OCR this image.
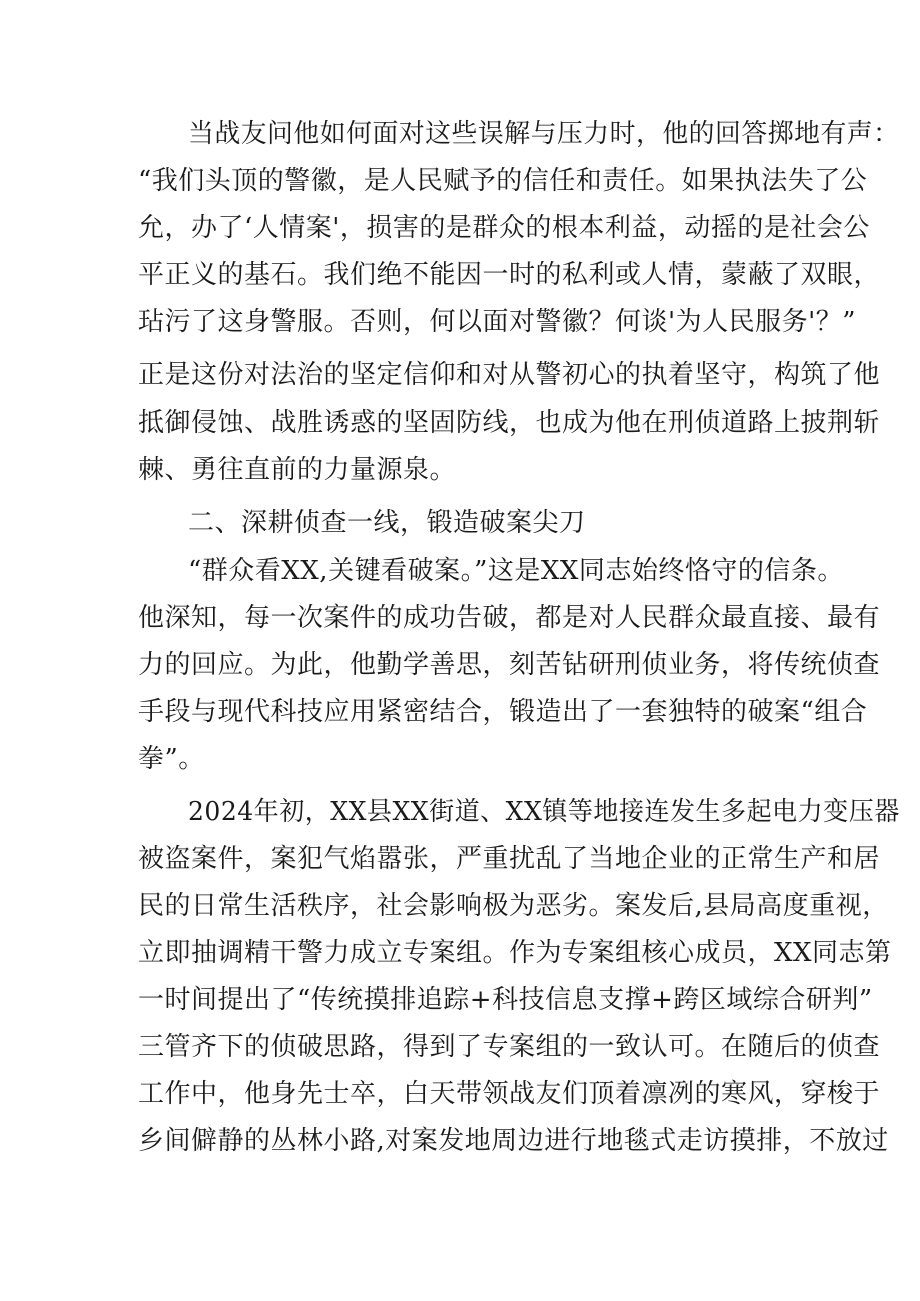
当战友问他如何面对这些误解与压力时，他的回答掷地有声：
“我们头顶的警徽，是人民赋予的信任和责任。如果执法失了公
允，办了‘人情案'，损害的是群众的根本利益，动摇的是社会公
平正义的基石。我们绝不能因一时的私利或人情，蒙蔽了双眼，
玷污了这身警服。否则，何以面对警徽？何谈'为人民服务'？”
正是这份对法治的坚定信仰和对从警初心的执着坚守，构筑了他
抵御侵蚀、战胜诱惑的坚固防线，也成为他在刑侦道路上披荆斩
棘、勇往直前的力量源泉。
二、深耕侦查一线，锻造破案尖刀
“群众看XX,关键看破案。”这是XX同志始终恪守的信条。
他深知，每一次案件的成功告破，都是对人民群众最直接、最有
力的回应。为此，他勤学善思，刻苦钻研刑侦业务，将传统侦查
手段与现代科技应用紧密结合，锻造出了一套独特的破案“组合
拳”。
2024年初，XX县XX街道、XX镇等地接连发生多起电力变压器
被盗案件，案犯气焰嚣张，严重扰乱了当地企业的正常生产和居
民的日常生活秩序，社会影响极为恶劣。案发后,县局高度重视，
立即抽调精干警力成立专案组。作为专案组核心成员，XX同志第
一时间提出了“传统摸排追踪+科技信息支撑+跨区域综合研判”
三管齐下的侦破思路，得到了专案组的一致认可。在随后的侦查
工作中，他身先士卒，白天带领战友们顶着凛冽的寒风，穿梭于
乡间僻静的丛林小路,对案发地周边进行地毯式走访摸排，不放过
